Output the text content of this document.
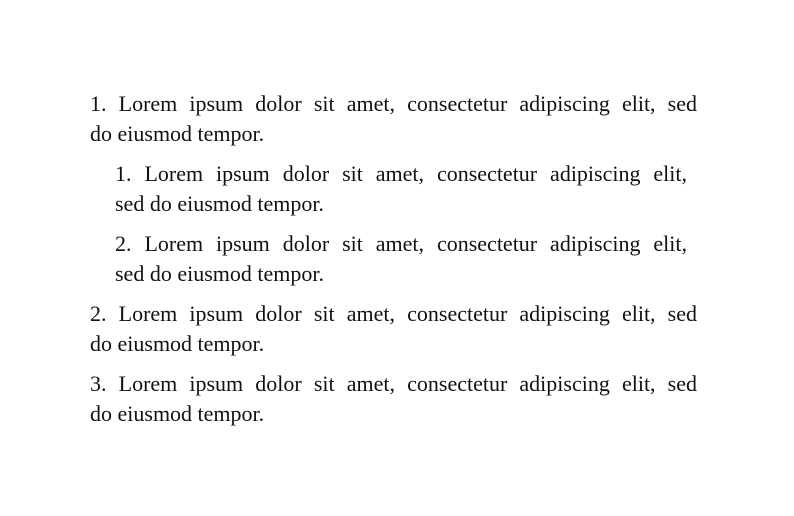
1. Lorem ipsum dolor sit amet, consectetur adipiscing elit, sed
do eiusmod tempor.
1. Lorem ipsum dolor sit amet, consectetur adipiscing elit,
sed do eiusmod tempor.
2. Lorem ipsum dolor sit amet, consectetur adipiscing elit,
sed do eiusmod tempor.
2. Lorem ipsum dolor sit amet, consectetur adipiscing elit, sed
do eiusmod tempor.
3. Lorem ipsum dolor sit amet, consectetur adipiscing elit, sed
do eiusmod tempor.
